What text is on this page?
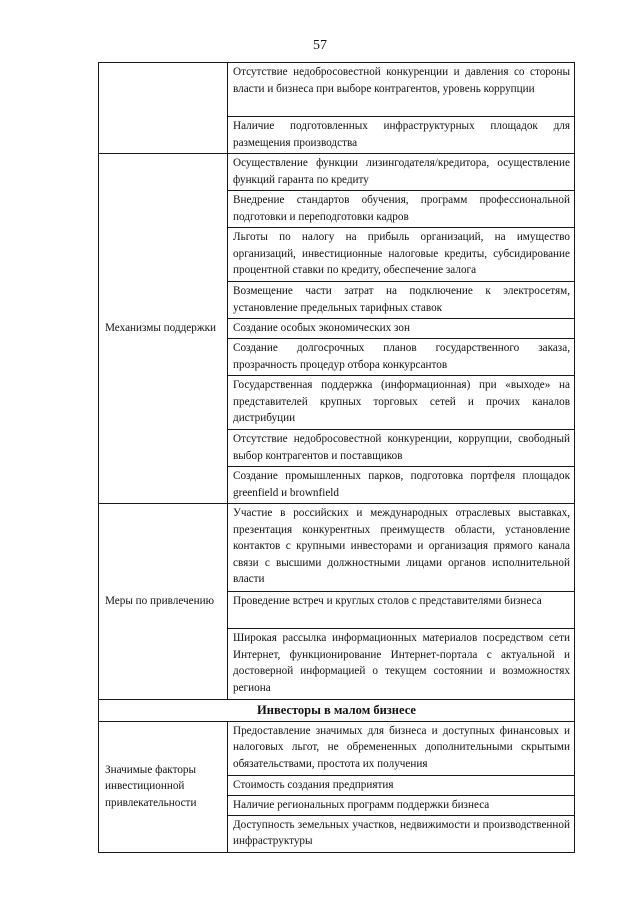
57
	Отсутствие недобросовестной конкуренции и давления со стороны власти и бизнеса при выборе контрагентов, уровень коррупции
	Наличие подготовленных инфраструктурных площадок для размещения производства
Механизмы поддержки	Осуществление функции лизингодателя/кредитора, осуществление функций гаранта по кредиту
	Внедрение стандартов обучения, программ профессиональной подготовки и переподготовки кадров
	Льготы по налогу на прибыль организаций, на имущество организаций, инвестиционные налоговые кредиты, субсидирование процентной ставки по кредиту, обеспечение залога
	Возмещение части затрат на подключение к электросетям, установление предельных тарифных ставок
	Создание особых экономических зон
	Создание долгосрочных планов государственного заказа, прозрачность процедур отбора конкурсантов
	Государственная поддержка (информационная) при «выходе» на представителей крупных торговых сетей и прочих каналов дистрибуции
	Отсутствие недобросовестной конкуренции, коррупции, свободный выбор контрагентов и поставщиков
	Создание промышленных парков, подготовка портфеля площадок greenfield и brownfield
Меры по привлечению	Участие в российских и международных отраслевых выставках, презентация конкурентных преимуществ области, установление контактов с крупными инвесторами и организация прямого канала связи с высшими должностными лицами органов исполнительной власти
	Проведение встреч и круглых столов с представителями бизнеса
	Широкая рассылка информационных материалов посредством сети Интернет, функционирование Интернет-портала с актуальной и достоверной информацией о текущем состоянии и возможностях региона
Инвесторы в малом бизнесе	
Значимые факторы инвестиционной привлекательности	Предоставление значимых для бизнеса и доступных финансовых и налоговых льгот, не обремененных дополнительными скрытыми обязательствами, простота их получения
	Стоимость создания предприятия
	Наличие региональных программ поддержки бизнеса
	Доступность земельных участков, недвижимости и производственной инфраструктуры
